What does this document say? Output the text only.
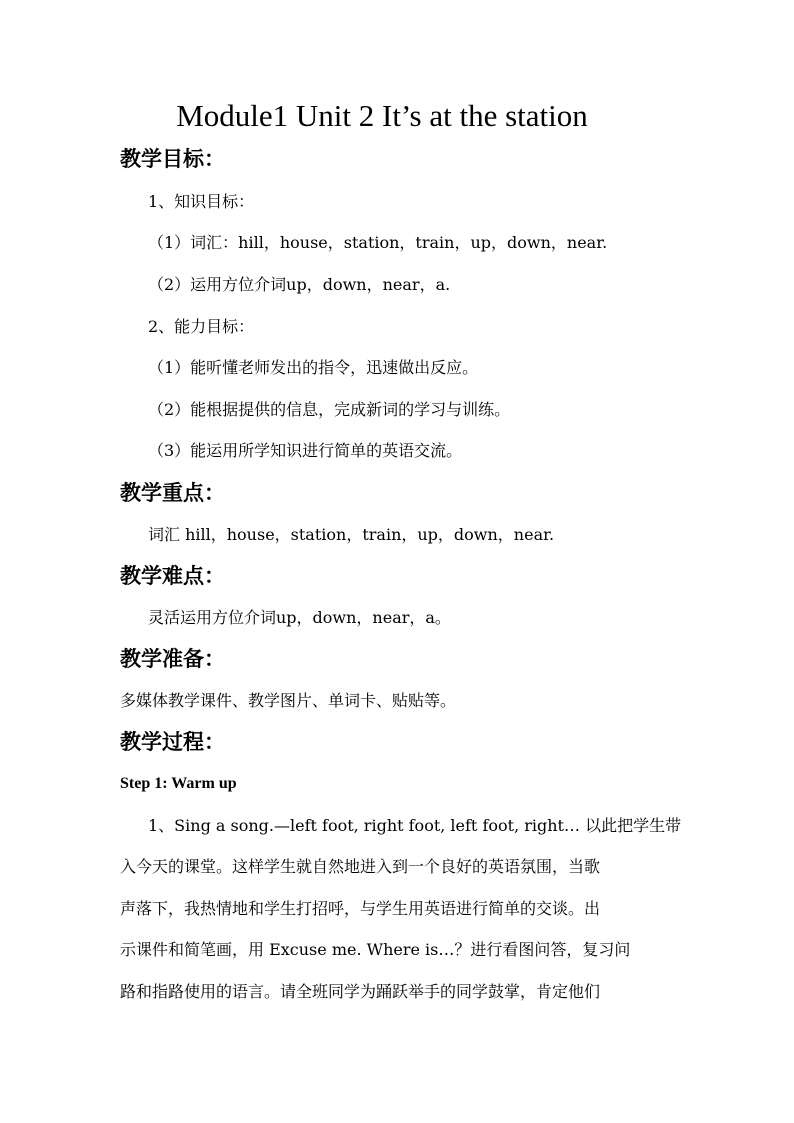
Module1 Unit 2 It’s at the station
教学目标：
1、知识目标：
（1）词汇：hill，house，station，train，up，down，near.
（2）运用方位介词up，down，near，a.
2、能力目标：
（1）能听懂老师发出的指令，迅速做出反应。
（2）能根据提供的信息，完成新词的学习与训练。
（3）能运用所学知识进行简单的英语交流。
教学重点：
词汇 hill，house，station，train，up，down，near.
教学难点：
灵活运用方位介词up，down，near，a。
教学准备：
多媒体教学课件、教学图片、单词卡、贴贴等。
教学过程：
Step 1: Warm up
1、Sing a song.—left foot, right foot, left foot, right… 以此把学生带
入今天的课堂。这样学生就自然地进入到一个良好的英语氛围，当歌
声落下，我热情地和学生打招呼，与学生用英语进行简单的交谈。出
示课件和简笔画，用 Excuse me. Where is…？进行看图问答，复习问
路和指路使用的语言。请全班同学为踊跃举手的同学鼓掌，肯定他们
